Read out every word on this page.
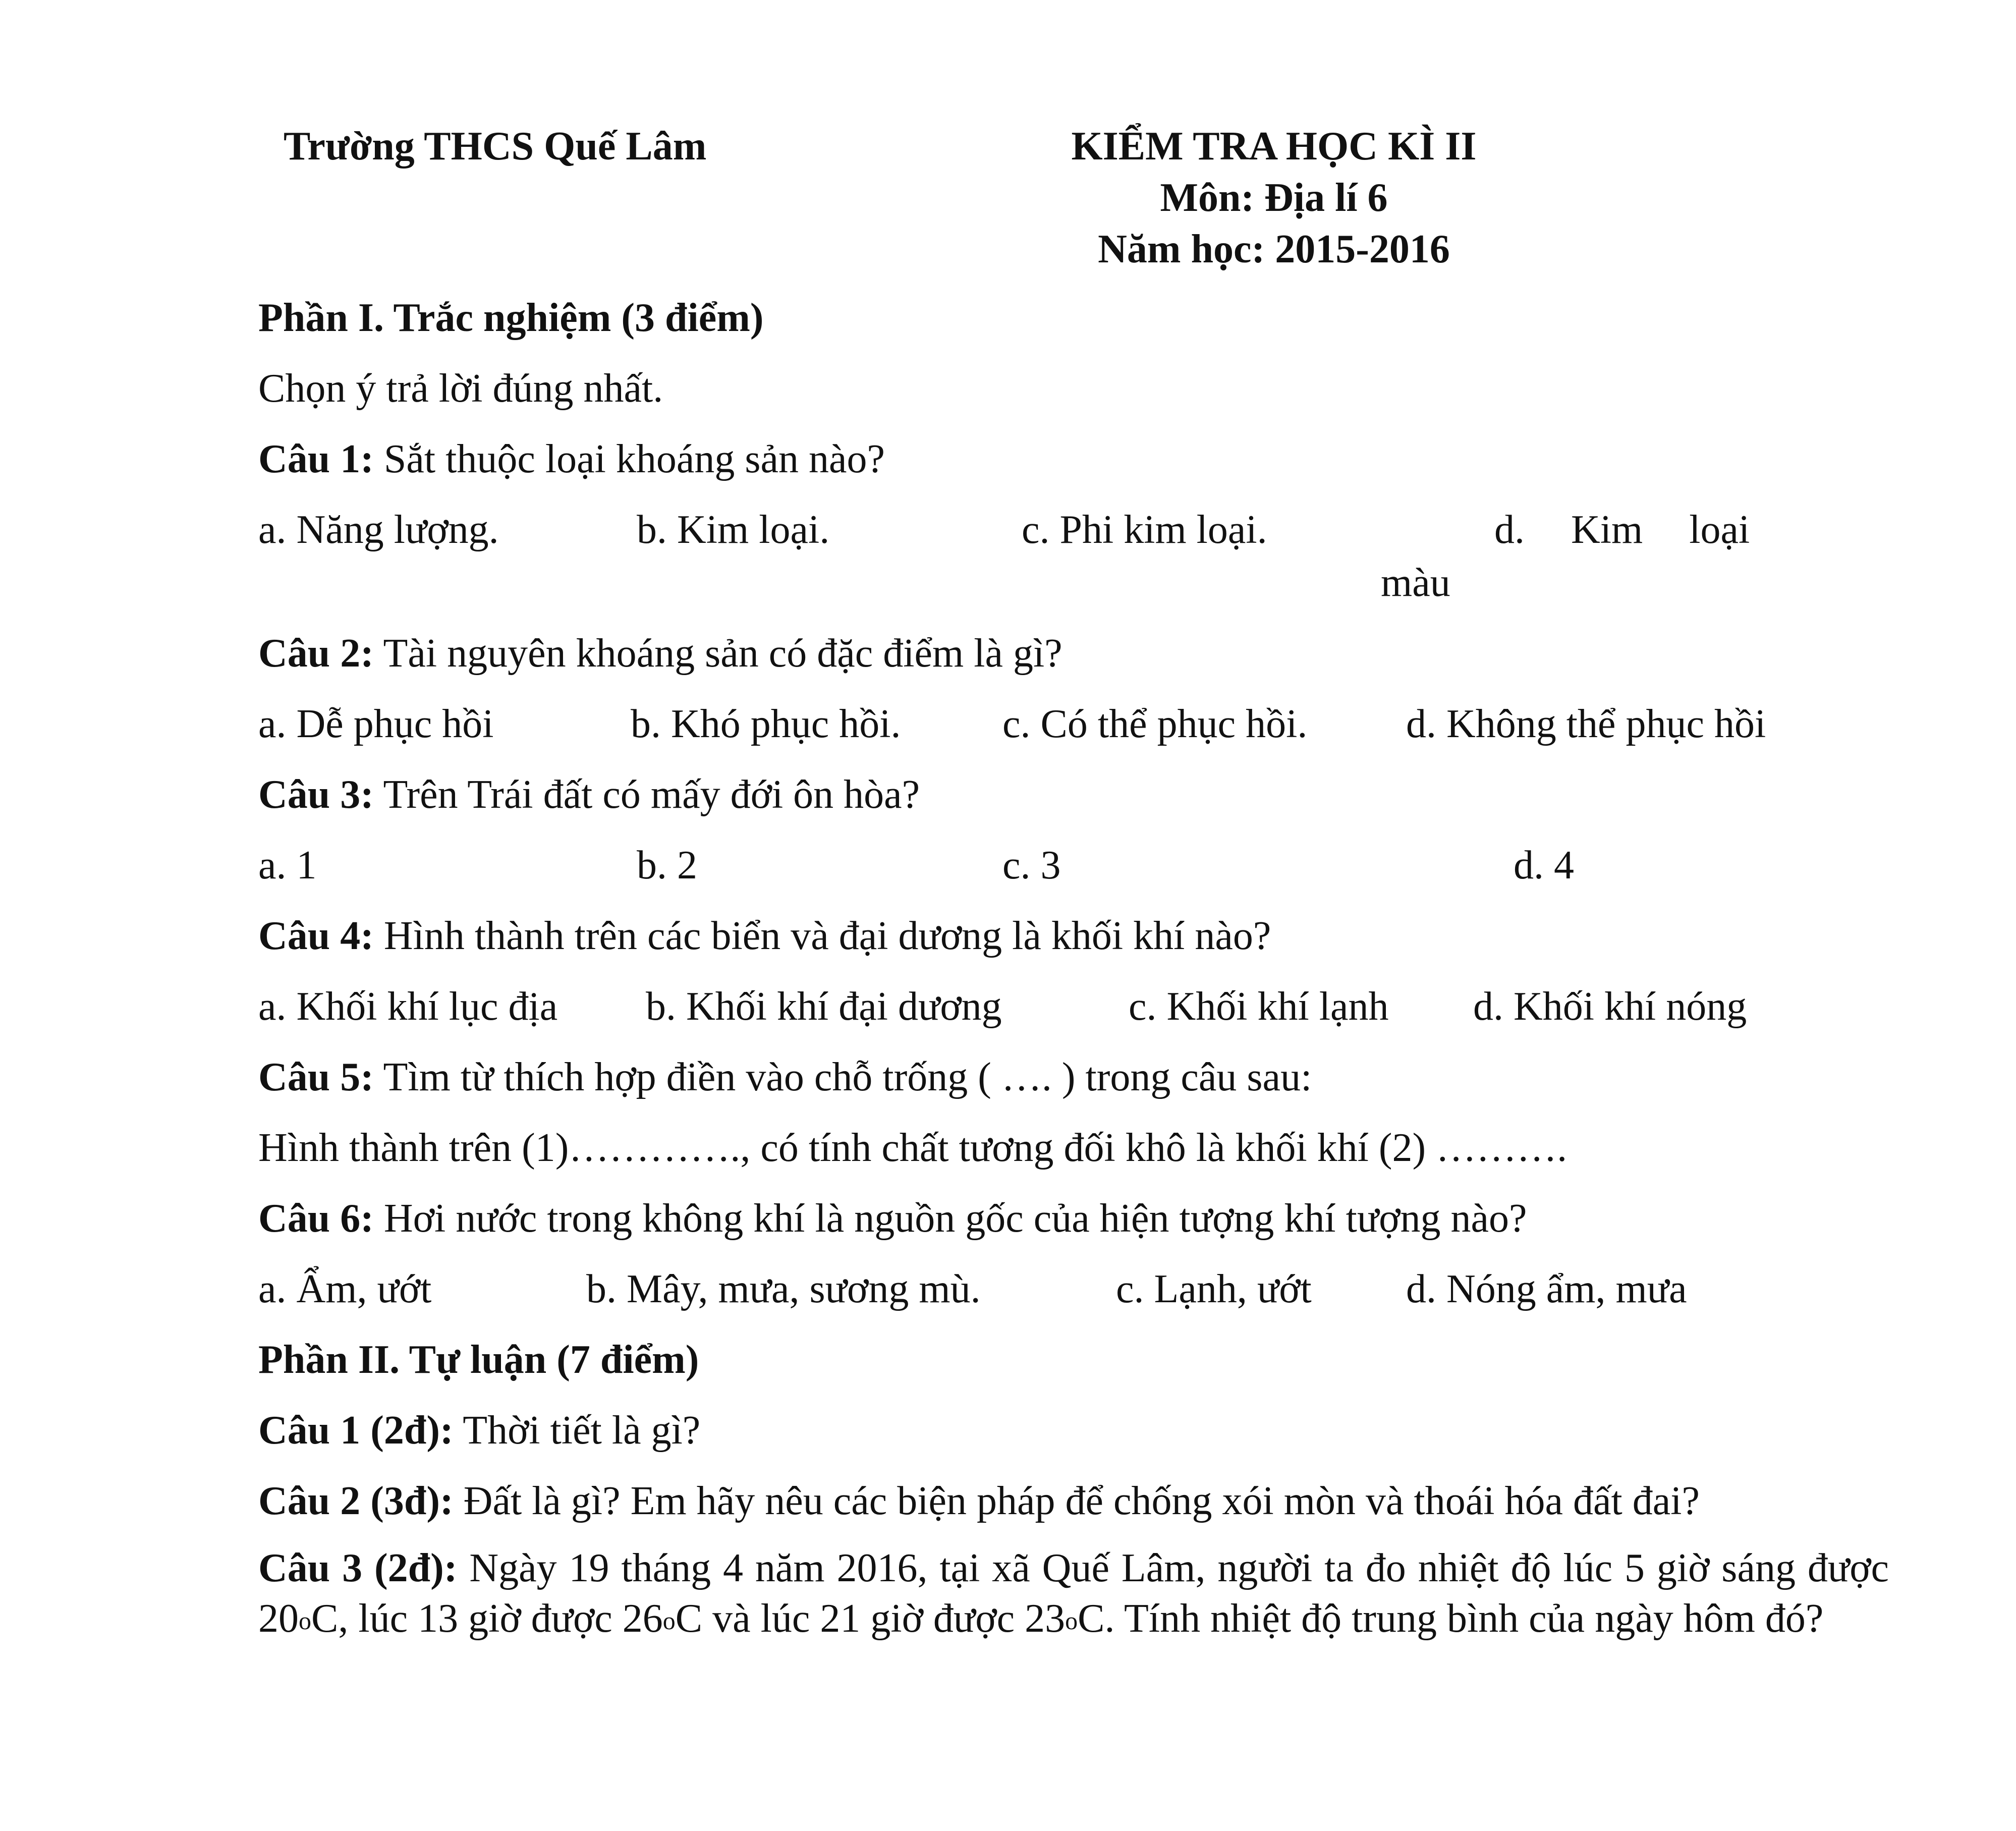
Trường THCS Quế Lâm	KIỂM TRA HỌC KÌ II
Môn: Địa lí 6
Năm học: 2015-2016
Phần I. Trắc nghiệm (3 điểm)
Chọn ý trả lời đúng nhất.
Câu 1: Sắt thuộc loại khoáng sản nào?
a. Năng lượng.	b. Kim loại.	c. Phi kim loại.	d. Kim loại
màu
Câu 2: Tài nguyên khoáng sản có đặc điểm là gì?
a. Dễ phục hồi	b. Khó phục hồi.	c. Có thể phục hồi. d. Không thể phục hồi
Câu 3: Trên Trái đất có mấy đới ôn hòa?
a. 1	b. 2	c. 3	d. 4
Câu 4: Hình thành trên các biển và đại dương là khối khí nào?
a. Khối khí lục địa b. Khối khí đại dương	c. Khối khí lạnh d. Khối khí nóng
Câu 5: Tìm từ thích hợp điền vào chỗ trống ( …. ) trong câu sau:
Hình thành trên (1)…………., có tính chất tương đối khô là khối khí (2) ……….
Câu 6: Hơi nước trong không khí là nguồn gốc của hiện tượng khí tượng nào?
a. Ẩm, ướt	b. Mây, mưa, sương mù.	c. Lạnh, ướt d. Nóng ẩm, mưa
Phần II. Tự luận (7 điểm)
Câu 1 (2đ): Thời tiết là gì?
Câu 2 (3đ): Đất là gì? Em hãy nêu các biện pháp để chống xói mòn và thoái hóa đất đai?
Câu 3 (2đ): Ngày 19 tháng 4 năm 2016, tại xã Quế Lâm, người ta đo nhiệt độ lúc 5 giờ sáng được 20$^o$C, lúc 13 giờ được 26$^o$C và lúc 21 giờ được 23$^o$C. Tính nhiệt độ trung bình của ngày hôm đó?
